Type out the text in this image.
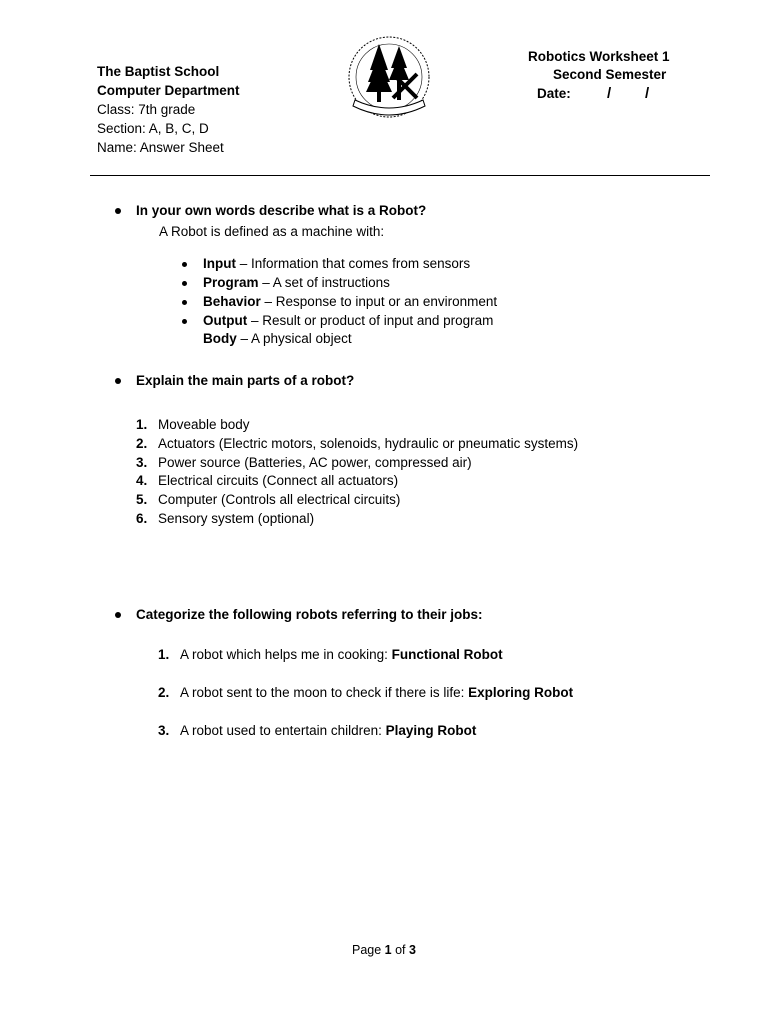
The Baptist School
Computer Department
Class: 7th grade
Section: A, B, C, D
Name: Answer Sheet
Robotics Worksheet 1
Second Semester
Date: / /
In your own words describe what is a Robot?
A Robot is defined as a machine with:
Input – Information that comes from sensors
Program – A set of instructions
Behavior – Response to input or an environment
Output – Result or product of input and program
Body – A physical object
Explain the main parts of a robot?
1. Moveable body
2. Actuators (Electric motors, solenoids, hydraulic or pneumatic systems)
3. Power source (Batteries, AC power, compressed air)
4. Electrical circuits (Connect all actuators)
5. Computer (Controls all electrical circuits)
6. Sensory system (optional)
Categorize the following robots referring to their jobs:
1. A robot which helps me in cooking: Functional Robot
2. A robot sent to the moon to check if there is life: Exploring Robot
3. A robot used to entertain children: Playing Robot
Page 1 of 3
